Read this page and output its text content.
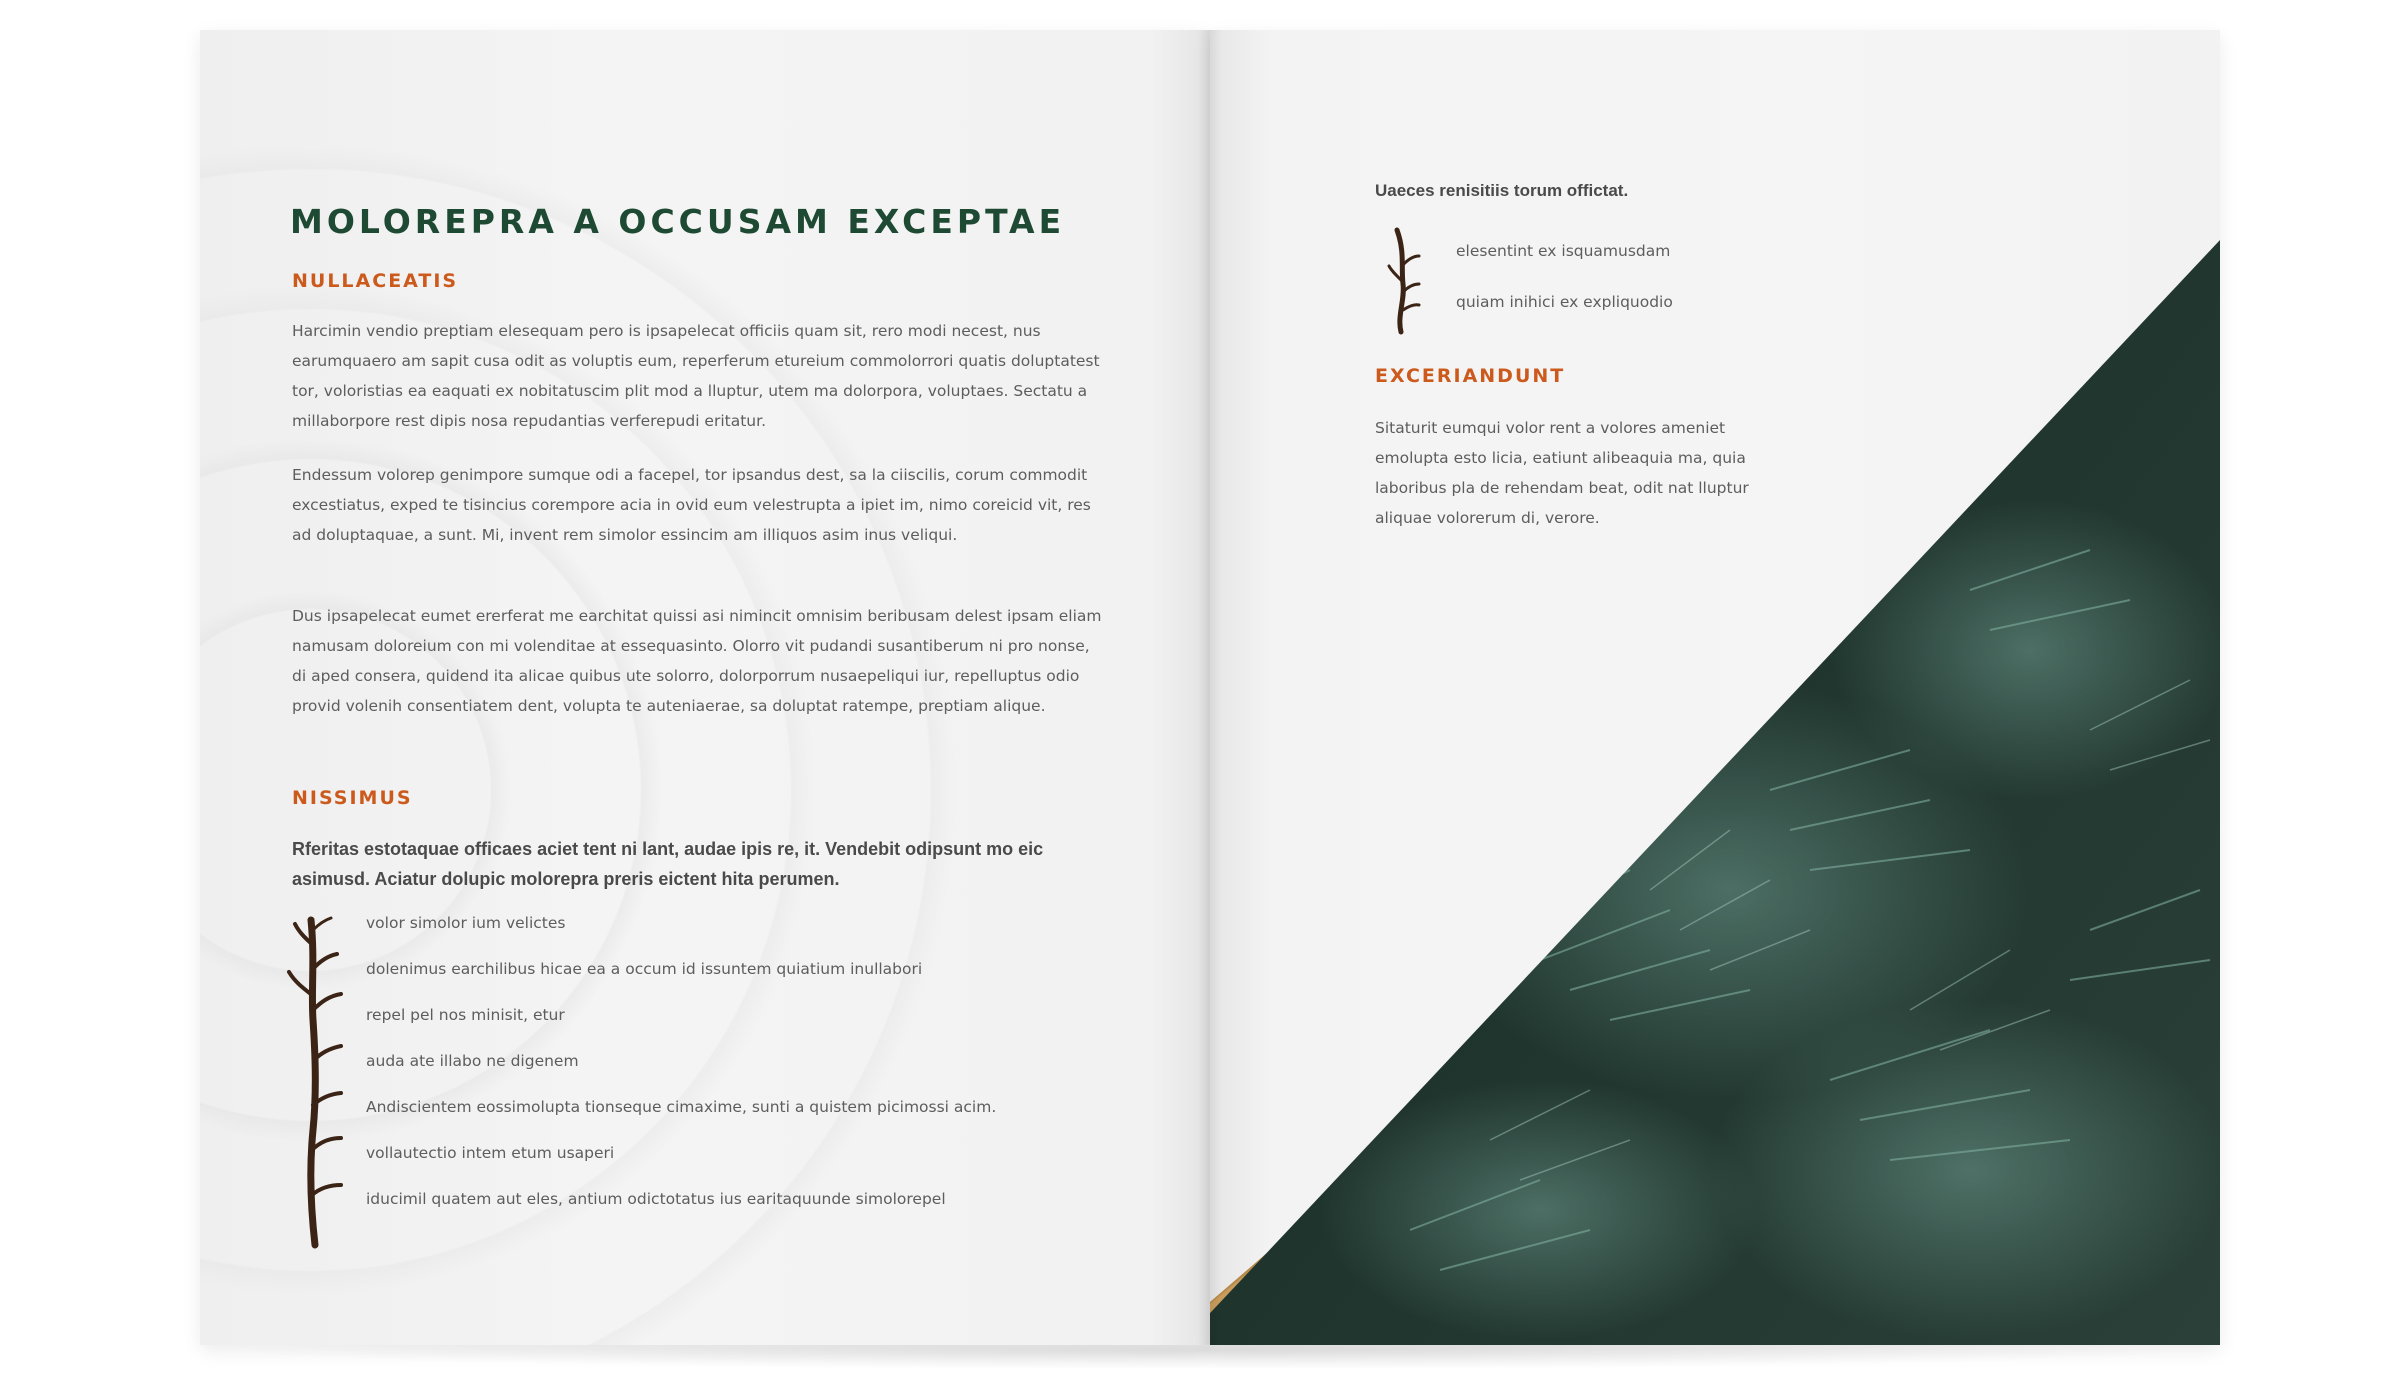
MOLOREPRA A OCCUSAM EXCEPTAE
NULLACEATIS

Harcimin vendio preptiam elesequam pero is ipsapelecat officiis quam sit, rero modi necest, nus earumquaero am sapit cusa odit as voluptis eum, reperferum etureium commolorrori quatis doluptatest tor, voloristias ea eaquati ex nobitatuscim plit mod a lluptur, utem ma dolorpora, voluptaes. Sectatu a millaborpore rest dipis nosa repudantias verferepudi eritatur.

Endessum volorep genimpore sumque odi a facepel, tor ipsandus dest, sa la ciiscilis, corum commodit excestiatus, exped te tisincius corempore acia in ovid eum velestrupta a ipiet im, nimo coreicid vit, res ad doluptaquae, a sunt. Mi, invent rem simolor essincim am illiquos asim inus veliqui.

Dus ipsapelecat eumet ererferat me earchitat quissi asi nimincit omnisim beribusam delest ipsam eliam namusam doloreium con mi volenditae at essequasinto. Olorro vit pudandi susantiberum ni pro nonse, di aped consera, quidend ita alicae quibus ute solorro, dolorporrum nusaepeliqui iur, repelluptus odio provid volenih consentiatem dent, volupta te auteniaerae, sa doluptat ratempe, preptiam alique.

NISSIMUS

Rferitas estotaquae officaes aciet tent ni lant, audae ipis re, it. Vendebit odipsunt mo eic asimusd. Aciatur dolupic molorepra preris eictent hita perumen.

volor simolor ium velictes
dolenimus earchilibus hicae ea a occum id issuntem quiatium inullabori
repel pel nos minisit, etur
auda ate illabo ne digenem
Andiscientem eossimolupta tionseque cimaxime, sunti a quistem picimossi acim.
vollautectio intem etum usaperi
iducimil quatem aut eles, antium odictotatus ius earitaquunde simolorepel

Uaeces renisitiis torum offictat.

elesentint ex isquamusdam
quiam inihici ex expliquodio
EXCERIANDUNT

Sitaturit eumqui volor rent a volores ameniet emolupta esto licia, eatiunt alibeaquia ma, quia laboribus pla de rehendam beat, odit nat lluptur aliquae volorerum di, verore.
